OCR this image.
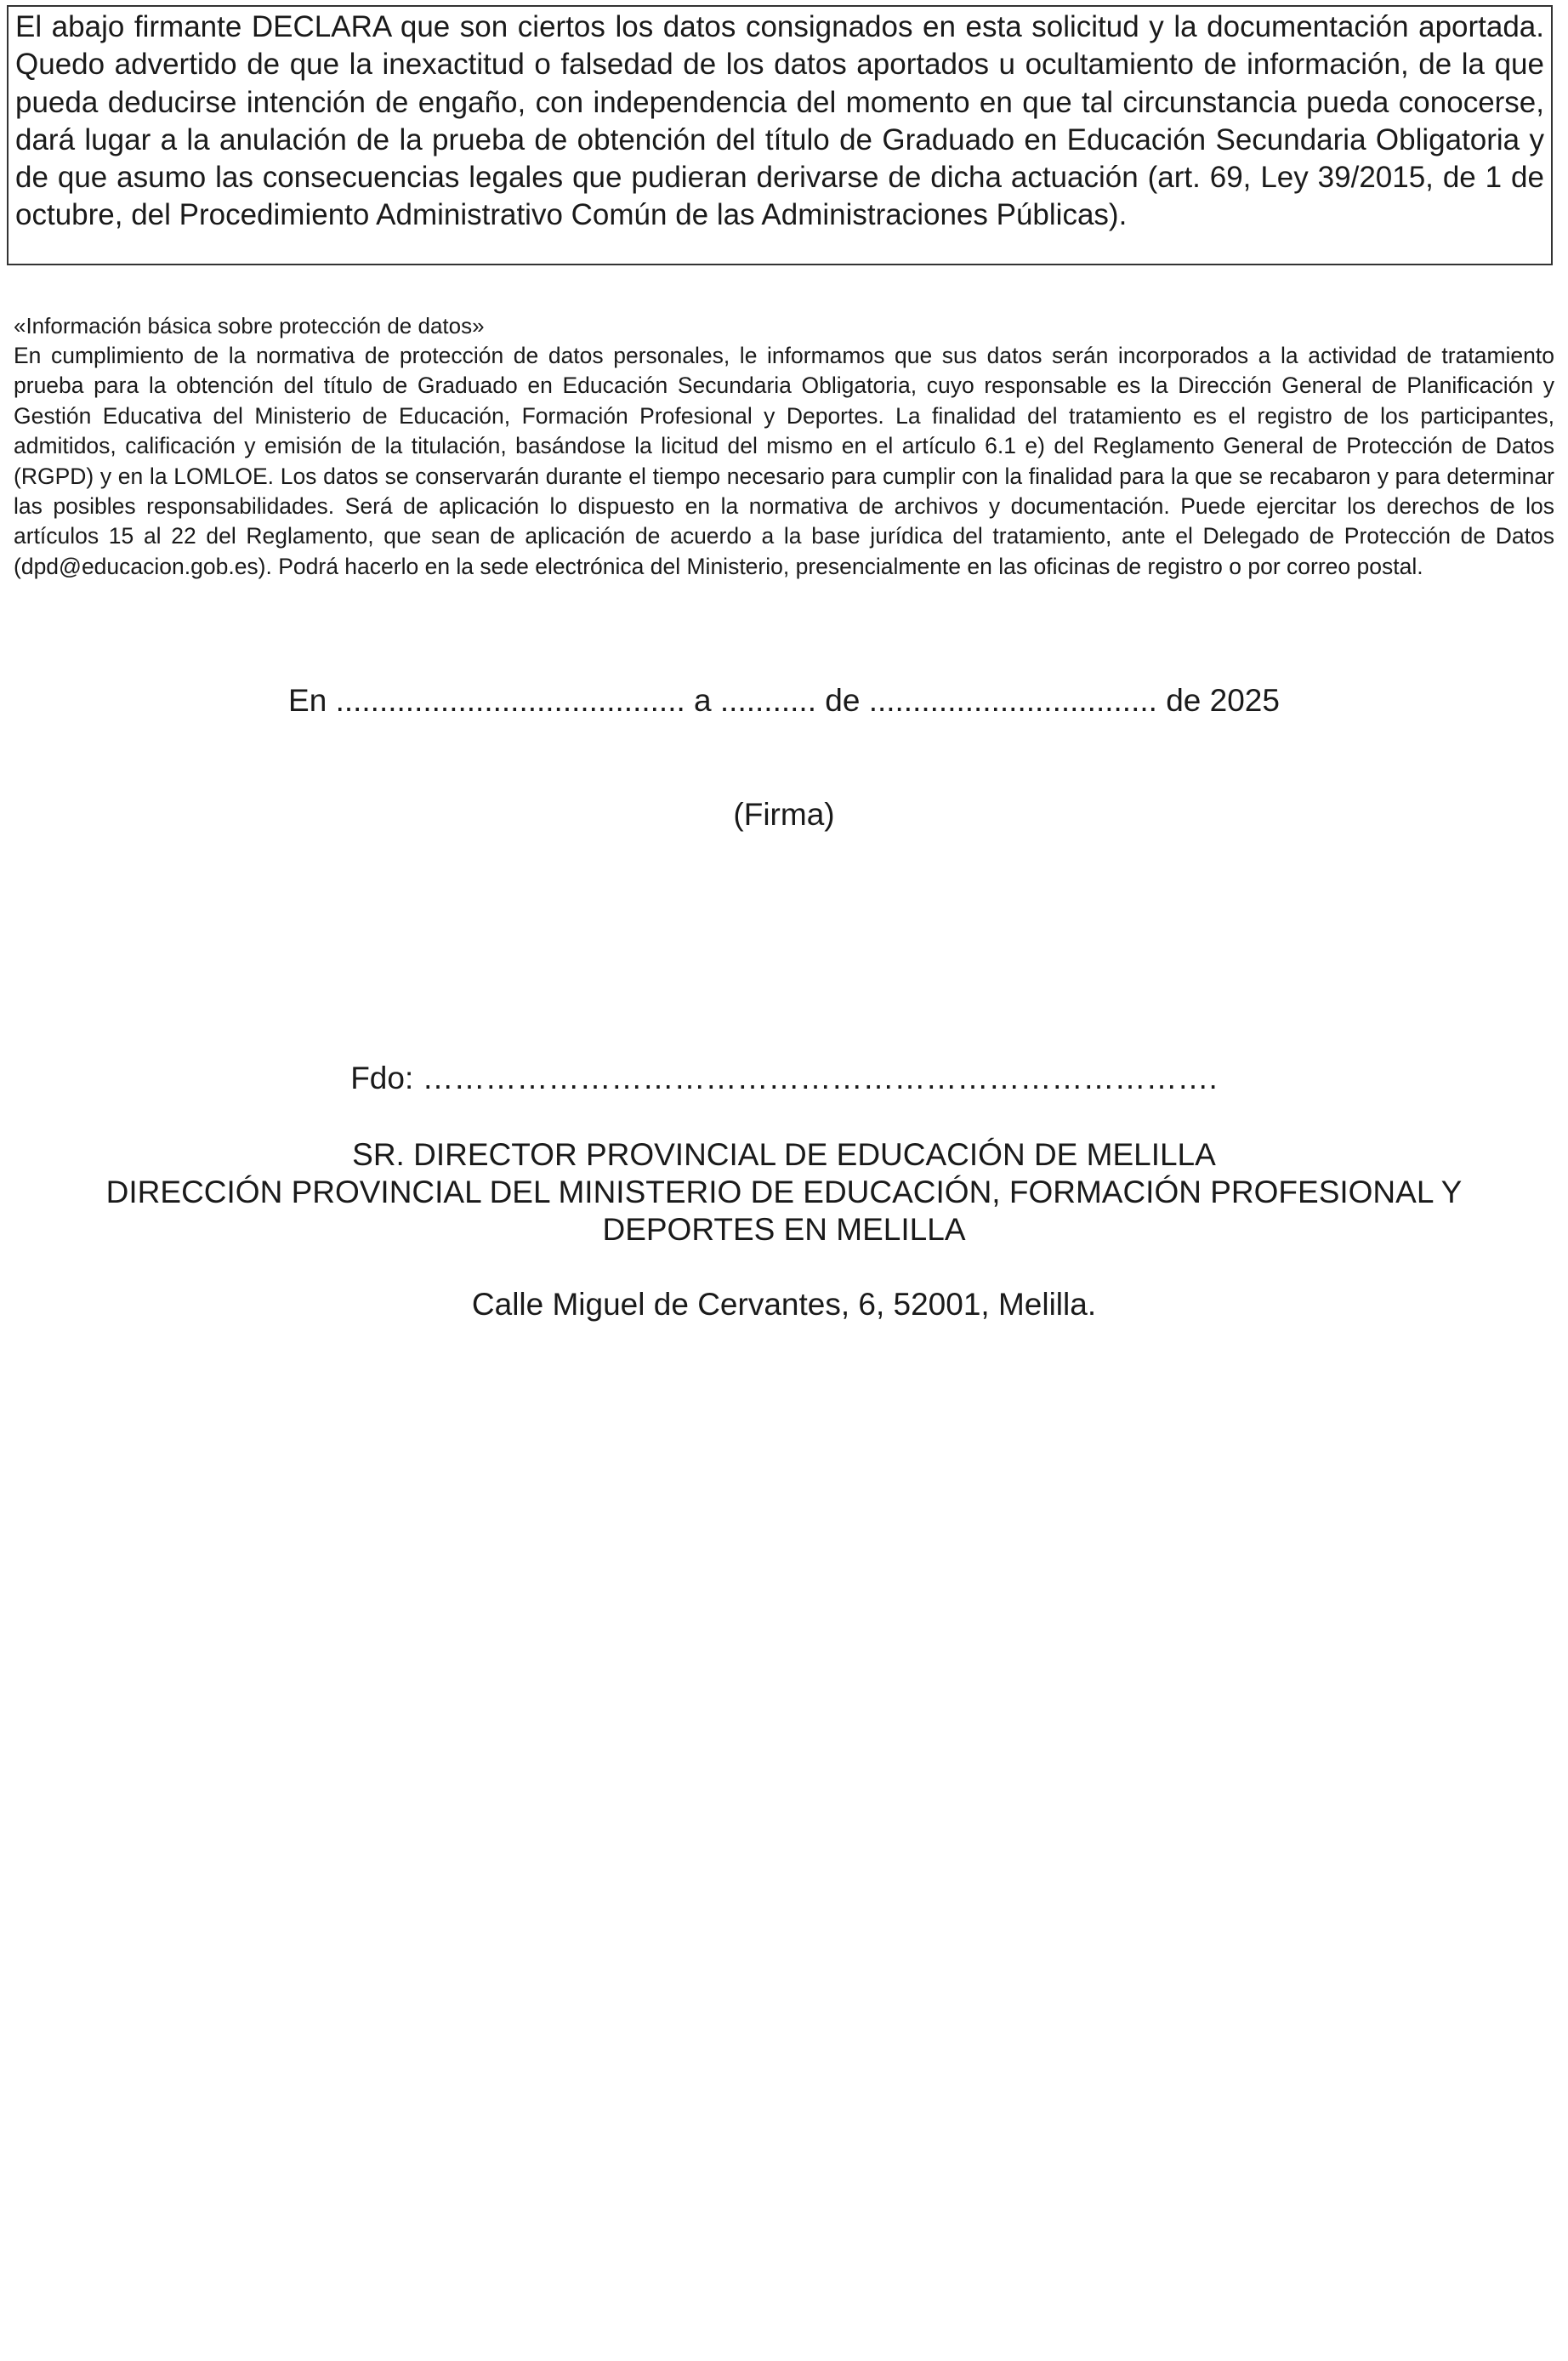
El abajo firmante DECLARA que son ciertos los datos consignados en esta solicitud y la documentación aportada. Quedo advertido de que la inexactitud o falsedad de los datos aportados u ocultamiento de información, de la que pueda deducirse intención de engaño, con independencia del momento en que tal circunstancia pueda conocerse, dará lugar a la anulación de la prueba de obtención del título de Graduado en Educación Secundaria Obligatoria y de que asumo las consecuencias legales que pudieran derivarse de dicha actuación (art. 69, Ley 39/2015, de 1 de octubre, del Procedimiento Administrativo Común de las Administraciones Públicas).

«Información básica sobre protección de datos»

En cumplimiento de la normativa de protección de datos personales, le informamos que sus datos serán incorporados a la actividad de tratamiento prueba para la obtención del título de Graduado en Educación Secundaria Obligatoria, cuyo responsable es la Dirección General de Planificación y Gestión Educativa del Ministerio de Educación, Formación Profesional y Deportes. La finalidad del tratamiento es el registro de los participantes, admitidos, calificación y emisión de la titulación, basándose la licitud del mismo en el artículo 6.1 e) del Reglamento General de Protección de Datos (RGPD) y en la LOMLOE. Los datos se conservarán durante el tiempo necesario para cumplir con la finalidad para la que se recabaron y para determinar las posibles responsabilidades. Será de aplicación lo dispuesto en la normativa de archivos y documentación. Puede ejercitar los derechos de los artículos 15 al 22 del Reglamento, que sean de aplicación de acuerdo a la base jurídica del tratamiento, ante el Delegado de Protección de Datos (dpd@educacion.gob.es). Podrá hacerlo en la sede electrónica del Ministerio, presencialmente en las oficinas de registro o por correo postal.

En ........................................ a ........... de ................................. de 2025
(Firma)
Fdo: ………………………………………………………………….
SR. DIRECTOR PROVINCIAL DE EDUCACIÓN DE MELILLA
DIRECCIÓN PROVINCIAL DEL MINISTERIO DE EDUCACIÓN, FORMACIÓN PROFESIONAL Y
DEPORTES EN MELILLA
Calle Miguel de Cervantes, 6, 52001, Melilla.
